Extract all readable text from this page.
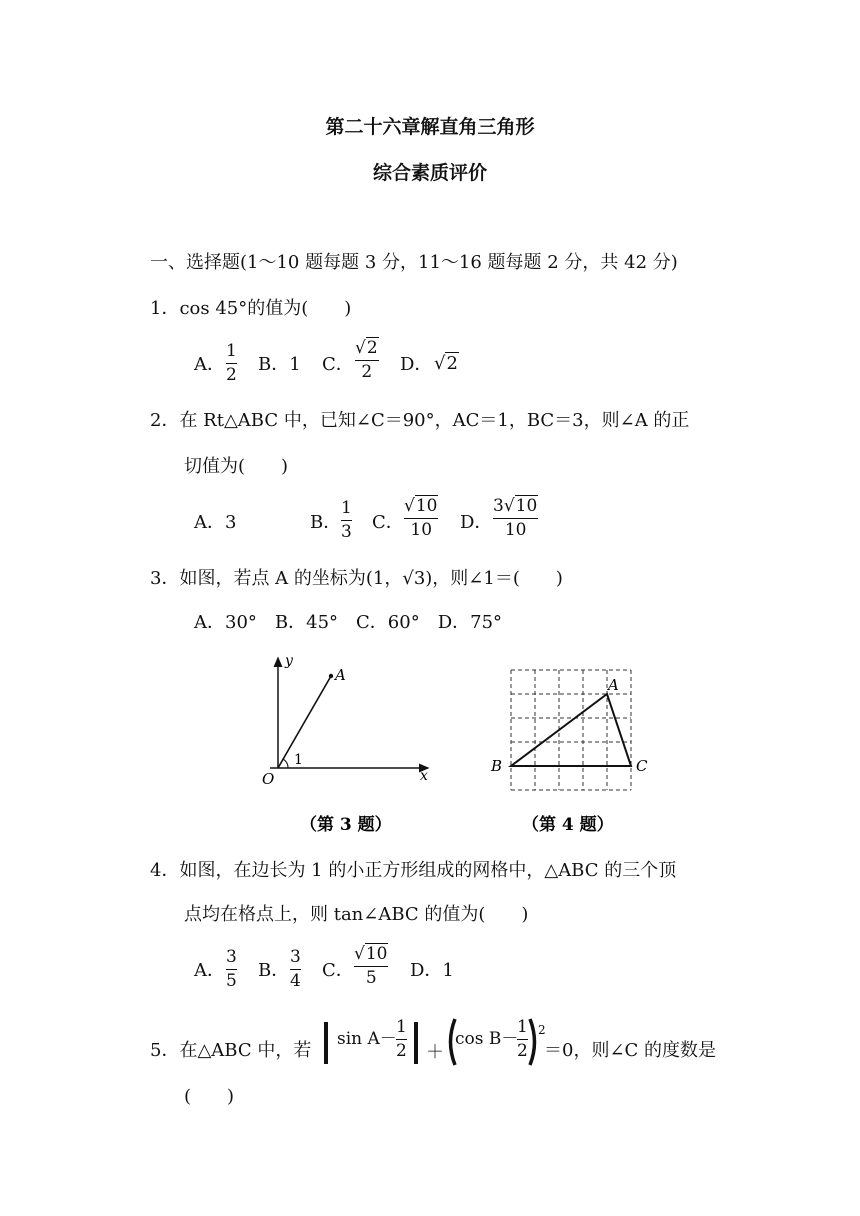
第二十六章解直角三角形
综合素质评价
一、选择题(1～10 题每题 3 分，11～16 题每题 2 分，共 42 分)
1．cos 45°的值为(　　)
A．
1
2 B．1 C．
√2
2	D． √2
2．在 Rt△ABC 中，已知∠C＝90°，AC＝1，BC＝3，则∠A 的正
切值为(　　)
A．3	B．
1
3 C．
√10
10	D．
3√10
10
3．如图，若点 A 的坐标为(1，√3)，则∠1＝(　　)
A．30°　B．45°　C．60°　D．75°
y
x
O
A
1
（第 3 题）
A
B	C
（第 4 题）
4．如图，在边长为 1 的小正方形组成的网格中，△ABC 的三个顶
点均在格点上，则 tan∠ABC 的值为(　　)
A．
3
5 B．
3
4 C．
√10
5	D．1
5．在△ABC 中，若
sin A－
1
2 ＋
cos B－
1
2
2
＝0，则∠C 的度数是
(　　)
